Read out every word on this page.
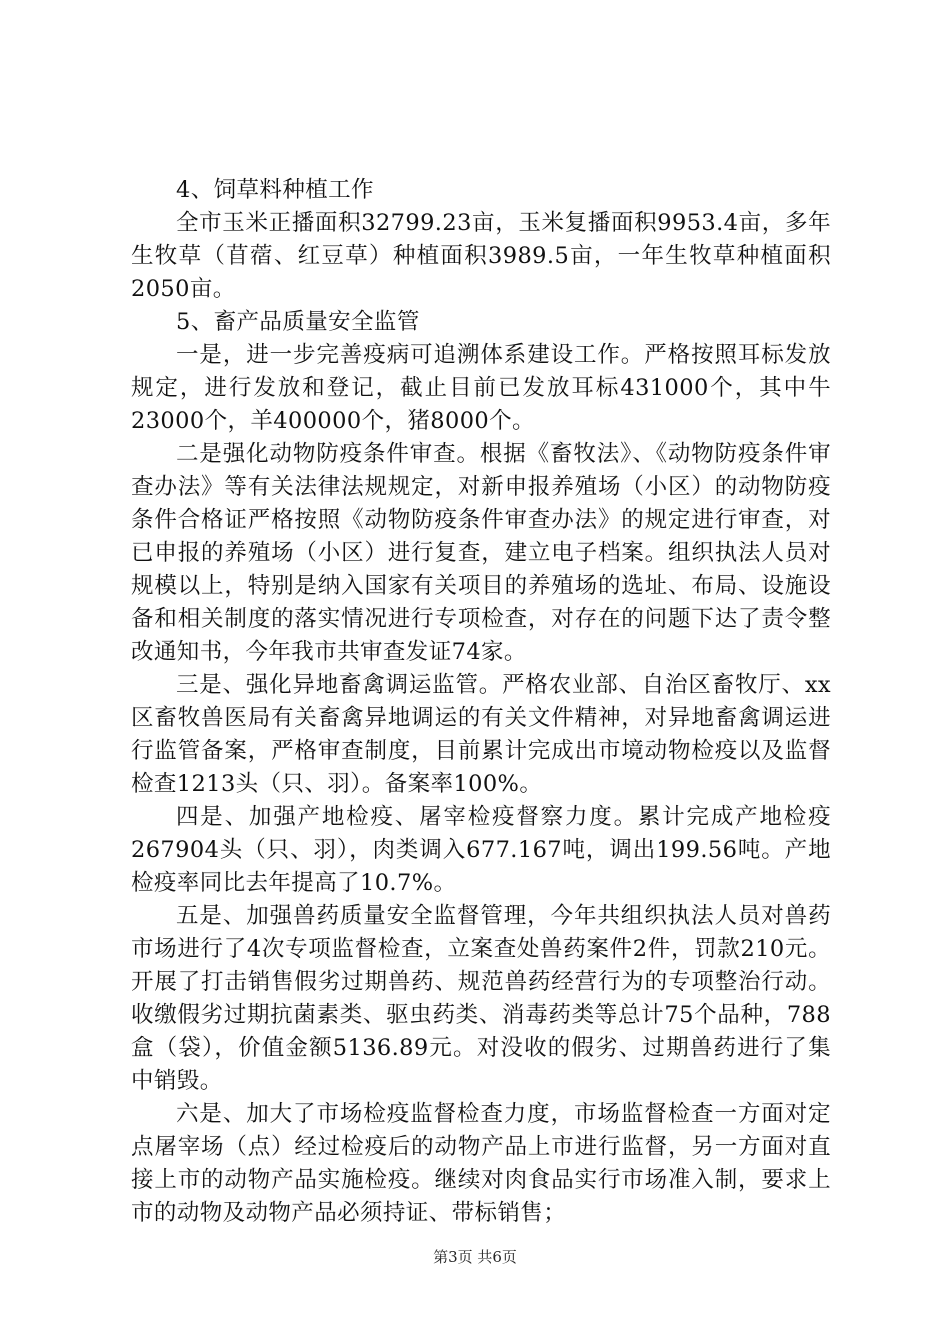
4、饲草料种植工作

全市玉米正播面积32799.23亩，玉米复播面积9953.4亩，多年生牧草（苜蓿、红豆草）种植面积3989.5亩，一年生牧草种植面积2050亩。

5、畜产品质量安全监管

一是，进一步完善疫病可追溯体系建设工作。严格按照耳标发放规定，进行发放和登记，截止目前已发放耳标431000个，其中牛23000个，羊400000个，猪8000个。

二是强化动物防疫条件审查。根据《畜牧法》、《动物防疫条件审查办法》等有关法律法规规定，对新申报养殖场（小区）的动物防疫条件合格证严格按照《动物防疫条件审查办法》的规定进行审查，对已申报的养殖场（小区）进行复查，建立电子档案。组织执法人员对规模以上，特别是纳入国家有关项目的养殖场的选址、布局、设施设备和相关制度的落实情况进行专项检查，对存在的问题下达了责令整改通知书，今年我市共审查发证74家。

三是、强化异地畜禽调运监管。严格农业部、自治区畜牧厅、xx区畜牧兽医局有关畜禽异地调运的有关文件精神，对异地畜禽调运进行监管备案，严格审查制度，目前累计完成出市境动物检疫以及监督检查1213头（只、羽）。备案率100%。

四是、加强产地检疫、屠宰检疫督察力度。累计完成产地检疫267904头（只、羽），肉类调入677.167吨，调出199.56吨。产地检疫率同比去年提高了10.7%。

五是、加强兽药质量安全监督管理，今年共组织执法人员对兽药市场进行了4次专项监督检查，立案查处兽药案件2件，罚款210元。开展了打击销售假劣过期兽药、规范兽药经营行为的专项整治行动。收缴假劣过期抗菌素类、驱虫药类、消毒药类等总计75个品种，788盒（袋），价值金额5136.89元。对没收的假劣、过期兽药进行了集中销毁。

六是、加大了市场检疫监督检查力度，市场监督检查一方面对定点屠宰场（点）经过检疫后的动物产品上市进行监督，另一方面对直接上市的动物产品实施检疫。继续对肉食品实行市场准入制，要求上市的动物及动物产品必须持证、带标销售；

第3页 共6页
